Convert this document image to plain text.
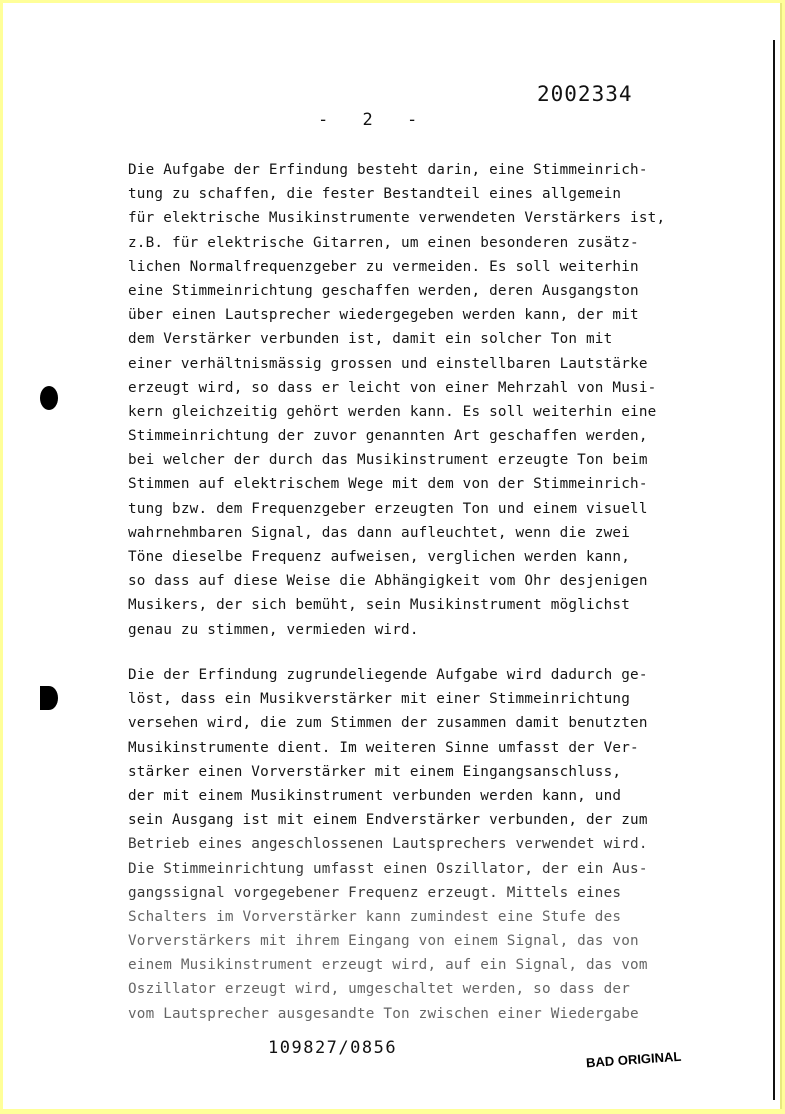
2002334
- 2 -
Die Aufgabe der Erfindung besteht darin, eine Stimmeinrich-
tung zu schaffen, die fester Bestandteil eines allgemein
für elektrische Musikinstrumente verwendeten Verstärkers ist,
z.B. für elektrische Gitarren, um einen besonderen zusätz-
lichen Normalfrequenzgeber zu vermeiden. Es soll weiterhin
eine Stimmeinrichtung geschaffen werden, deren Ausgangston
über einen Lautsprecher wiedergegeben werden kann, der mit
dem Verstärker verbunden ist, damit ein solcher Ton mit
einer verhältnismässig grossen und einstellbaren Lautstärke
erzeugt wird, so dass er leicht von einer Mehrzahl von Musi-
kern gleichzeitig gehört werden kann. Es soll weiterhin eine
Stimmeinrichtung der zuvor genannten Art geschaffen werden,
bei welcher der durch das Musikinstrument erzeugte Ton beim
Stimmen auf elektrischem Wege mit dem von der Stimmeinrich-
tung bzw. dem Frequenzgeber erzeugten Ton und einem visuell
wahrnehmbaren Signal, das dann aufleuchtet, wenn die zwei
Töne dieselbe Frequenz aufweisen, verglichen werden kann,
so dass auf diese Weise die Abhängigkeit vom Ohr desjenigen
Musikers, der sich bemüht, sein Musikinstrument möglichst
genau zu stimmen, vermieden wird.
Die der Erfindung zugrundeliegende Aufgabe wird dadurch ge-
löst, dass ein Musikverstärker mit einer Stimmeinrichtung
versehen wird, die zum Stimmen der zusammen damit benutzten
Musikinstrumente dient. Im weiteren Sinne umfasst der Ver-
stärker einen Vorverstärker mit einem Eingangsanschluss,
der mit einem Musikinstrument verbunden werden kann, und
sein Ausgang ist mit einem Endverstärker verbunden, der zum
Betrieb eines angeschlossenen Lautsprechers verwendet wird.
Die Stimmeinrichtung umfasst einen Oszillator, der ein Aus-
gangssignal vorgegebener Frequenz erzeugt. Mittels eines
Schalters im Vorverstärker kann zumindest eine Stufe des
Vorverstärkers mit ihrem Eingang von einem Signal, das von
einem Musikinstrument erzeugt wird, auf ein Signal, das vom
Oszillator erzeugt wird, umgeschaltet werden, so dass der
vom Lautsprecher ausgesandte Ton zwischen einer Wiedergabe
109827/0856
BAD ORIGINAL
